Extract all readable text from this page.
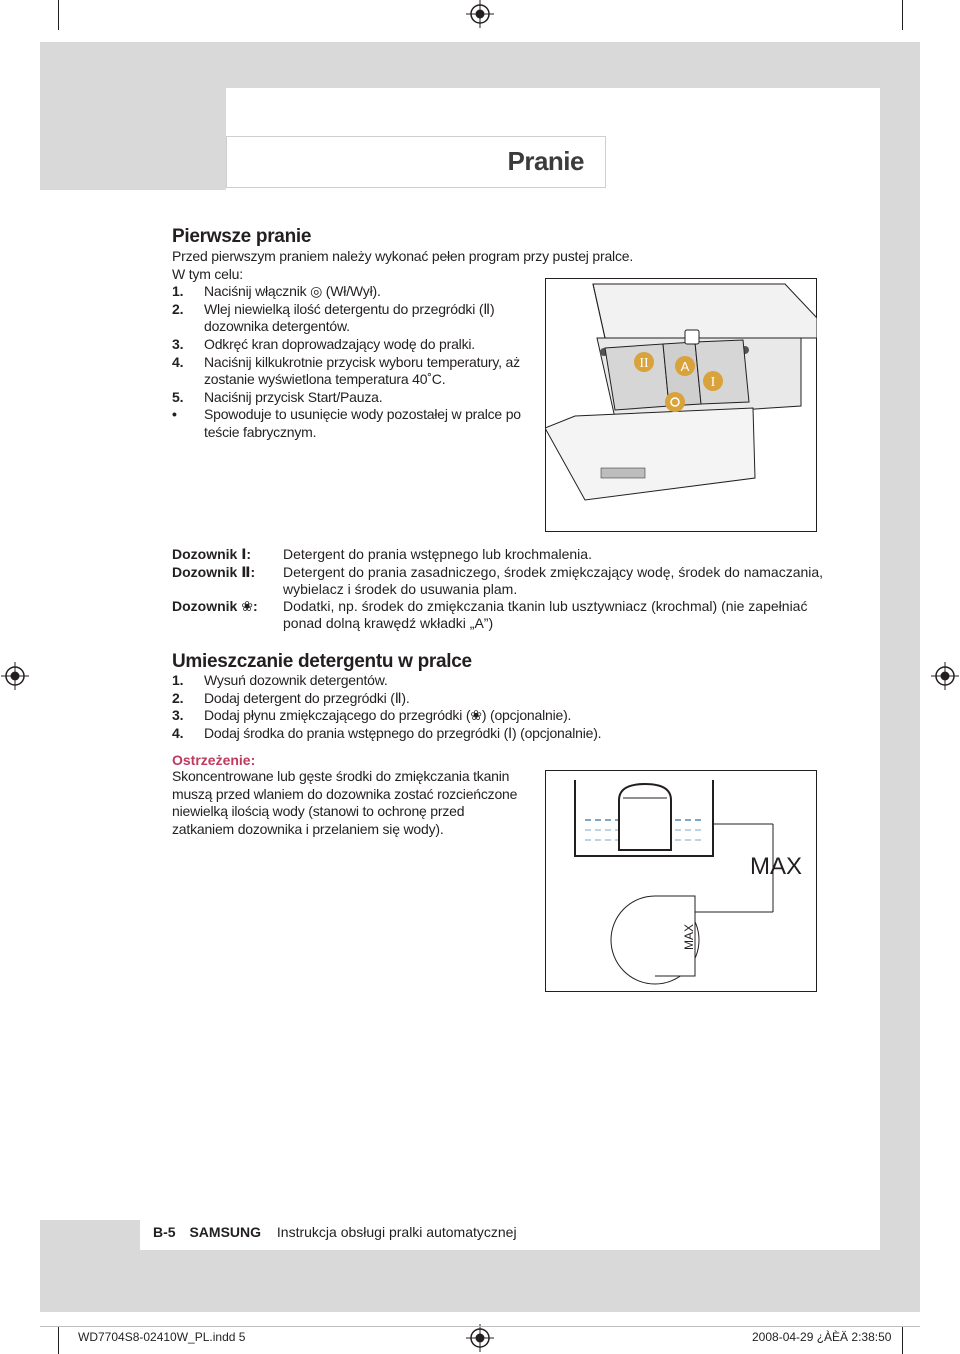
Pranie
Pierwsze pranie
Przed pierwszym praniem należy wykonać pełen program przy pustej pralce.
W tym celu:
1. Naciśnij włącznik ◎ (Wł/Wył).
2. Wlej niewielką ilość detergentu do przegródki (Ⅱ)
dozownika detergentów.
3. Odkręć kran doprowadzający wodę do pralki.
4. Naciśnij kilkukrotnie przycisk wyboru temperatury, aż
zostanie wyświetlona temperatura 40˚C.
5. Naciśnij przycisk Start/Pauza.
• Spowoduje to usunięcie wody pozostałej w pralce po
teście fabrycznym.
II A
I
Dozownik Ⅰ: Detergent do prania wstępnego lub krochmalenia.
Dozownik Ⅱ: Detergent do prania zasadniczego, środek zmiękczający wodę, środek do namaczania,
wybielacz i środek do usuwania plam.
Dozownik ❀: Dodatki, np. środek do zmiękczania tkanin lub usztywniacz (krochmal) (nie zapełniać
ponad dolną krawędź wkładki „A”)
Umieszczanie detergentu w pralce
1. Wysuń dozownik detergentów.
2. Dodaj detergent do przegródki (Ⅱ).
3. Dodaj płynu zmiękczającego do przegródki (❀) (opcjonalnie).
4. Dodaj środka do prania wstępnego do przegródki (Ⅰ) (opcjonalnie).
Ostrzeżenie:
Skoncentrowane lub gęste środki do zmiękczania tkanin
muszą przed wlaniem do dozownika zostać rozcieńczone
niewielką ilością wody (stanowi to ochronę przed
zatkaniem dozownika i przelaniem się wody).
MAX
MAX
B-5 SAMSUNG Instrukcja obsługi pralki automatycznej
WD7704S8-02410W_PL.indd 5	2008-04-29 ¿ÀÈÄ 2:38:50
